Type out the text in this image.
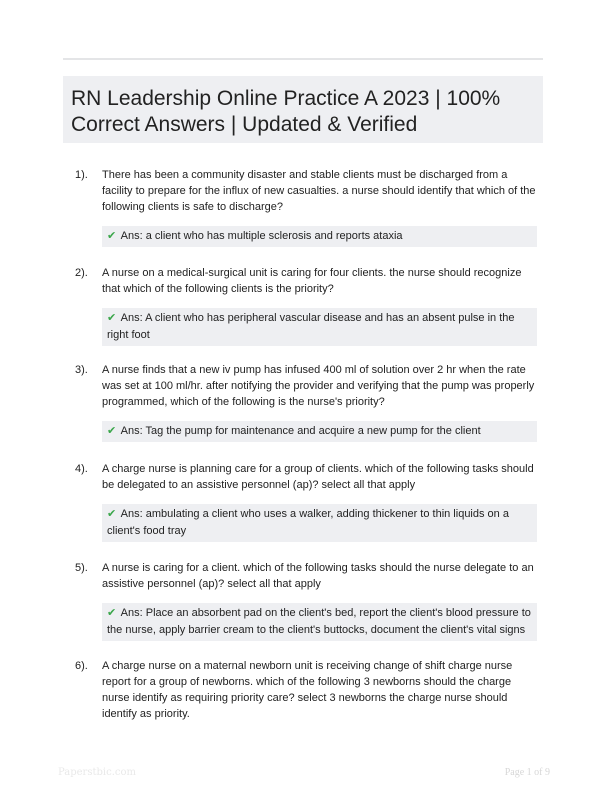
RN Leadership Online Practice A 2023 | 100% Correct Answers | Updated & Verified
1). There has been a community disaster and stable clients must be discharged from a facility to prepare for the influx of new casualties. a nurse should identify that which of the following clients is safe to discharge?
✔ Ans: a client who has multiple sclerosis and reports ataxia
2). A nurse on a medical-surgical unit is caring for four clients. the nurse should recognize that which of the following clients is the priority?
✔ Ans: A client who has peripheral vascular disease and has an absent pulse in the right foot
3). A nurse finds that a new iv pump has infused 400 ml of solution over 2 hr when the rate was set at 100 ml/hr. after notifying the provider and verifying that the pump was properly programmed, which of the following is the nurse's priority?
✔ Ans: Tag the pump for maintenance and acquire a new pump for the client
4). A charge nurse is planning care for a group of clients. which of the following tasks should be delegated to an assistive personnel (ap)? select all that apply
✔ Ans: ambulating a client who uses a walker, adding thickener to thin liquids on a client's food tray
5). A nurse is caring for a client. which of the following tasks should the nurse delegate to an assistive personnel (ap)? select all that apply
✔ Ans: Place an absorbent pad on the client's bed, report the client's blood pressure to the nurse, apply barrier cream to the client's buttocks, document the client's vital signs
6). A charge nurse on a maternal newborn unit is receiving change of shift charge nurse report for a group of newborns. which of the following 3 newborns should the charge nurse identify as requiring priority care? select 3 newborns the charge nurse should identify as priority.
Paperstbic.com	Page 1 of 9
